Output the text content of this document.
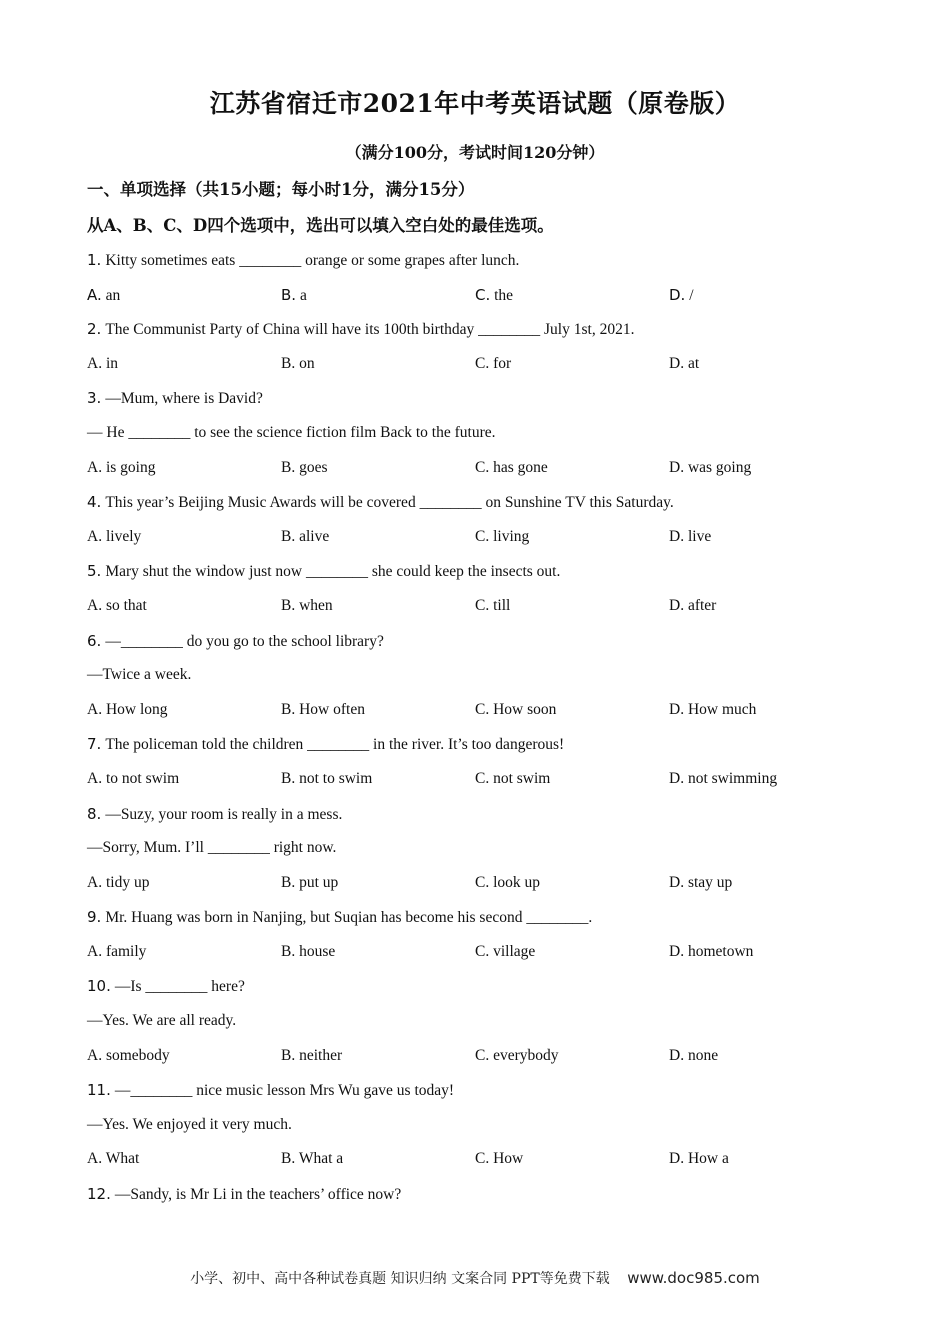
江苏省宿迁市2021年中考英语试题（原卷版）
（满分100分，考试时间120分钟）
一、单项选择（共15小题；每小时1分，满分15分）
从A、B、C、D四个选项中，选出可以填入空白处的最佳选项。
1. Kitty sometimes eats ________ orange or some grapes after lunch.
A. an	B. a	C. the	D. /
2. The Communist Party of China will have its 100th birthday ________ July 1st, 2021.
A. in	B. on	C. for	D. at
3. —Mum, where is David?
— He ________ to see the science fiction film Back to the future.
A. is going	B. goes	C. has gone	D. was going
4. This year’s Beijing Music Awards will be covered ________ on Sunshine TV this Saturday.
A. lively	B. alive	C. living	D. live
5. Mary shut the window just now ________ she could keep the insects out.
A. so that	B. when	C. till	D. after
6. —________ do you go to the school library?
—Twice a week.
A. How long	B. How often	C. How soon	D. How much
7. The policeman told the children ________ in the river. It’s too dangerous!
A. to not swim	B. not to swim	C. not swim	D. not swimming
8. —Suzy, your room is really in a mess.
—Sorry, Mum. I’ll ________ right now.
A. tidy up	B. put up	C. look up	D. stay up
9. Mr. Huang was born in Nanjing, but Suqian has become his second ________.
A. family	B. house	C. village	D. hometown
10. —Is ________ here?
—Yes. We are all ready.
A. somebody	B. neither	C. everybody	D. none
11. —________ nice music lesson Mrs Wu gave us today!
—Yes. We enjoyed it very much.
A. What	B. What a	C. How	D. How a
12. —Sandy, is Mr Li in the teachers’ office now?
小学、初中、高中各种试卷真题 知识归纳 文案合同 PPT等免费下载 www.doc985.com
